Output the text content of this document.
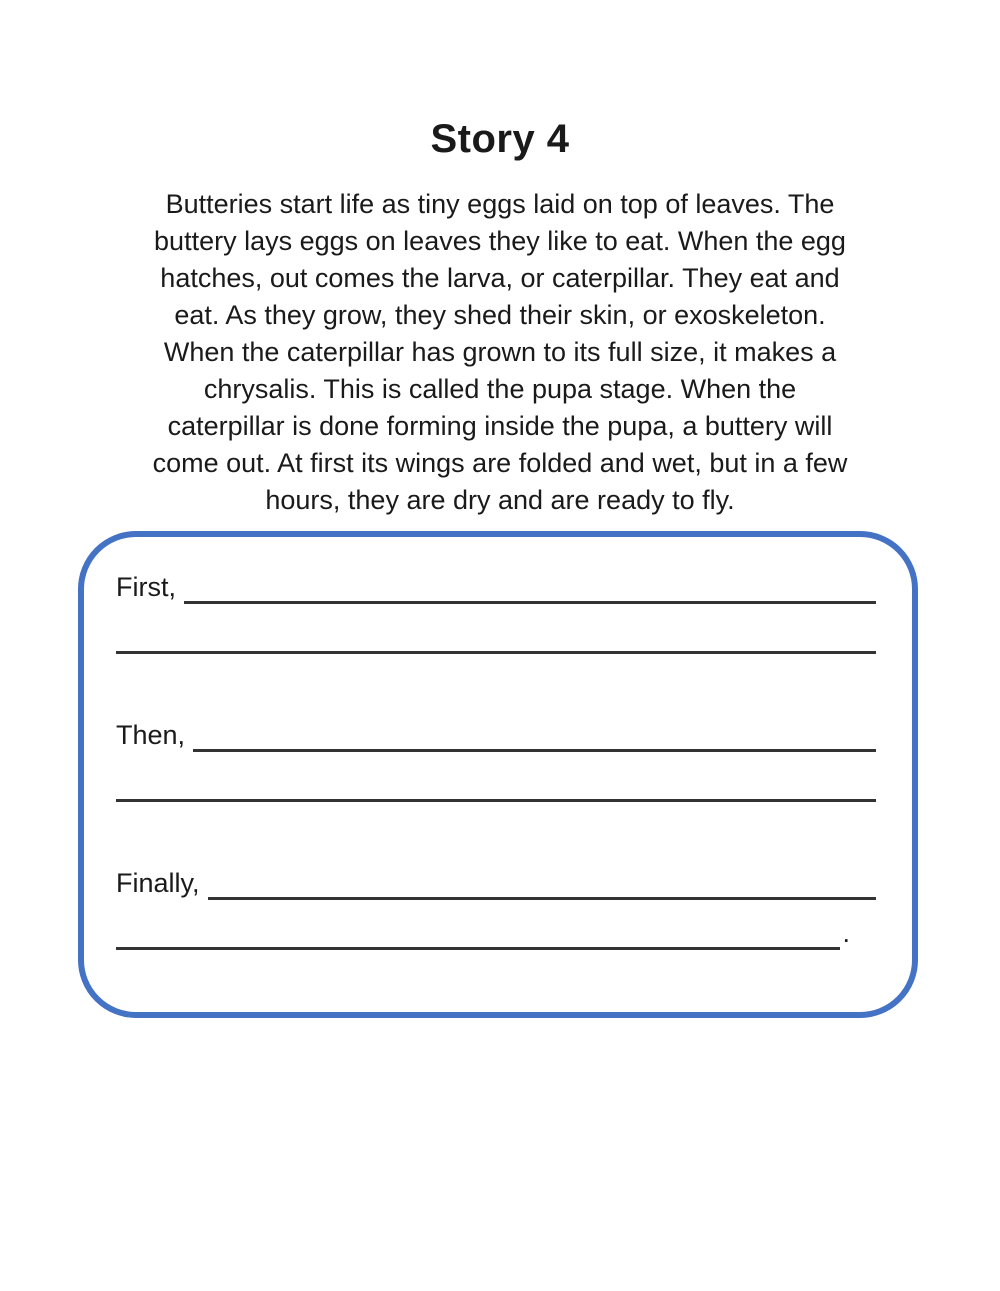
Story 4
Butteries start life as tiny eggs laid on top of leaves. The
buttery lays eggs on leaves they like to eat. When the egg
hatches, out comes the larva, or caterpillar. They eat and
eat. As they grow, they shed their skin, or exoskeleton.
When the caterpillar has grown to its full size, it makes a
chrysalis. This is called the pupa stage. When the
caterpillar is done forming inside the pupa, a buttery will
come out. At first its wings are folded and wet, but in a few
hours, they are dry and are ready to fly.
First,
Then,
Finally,
.
